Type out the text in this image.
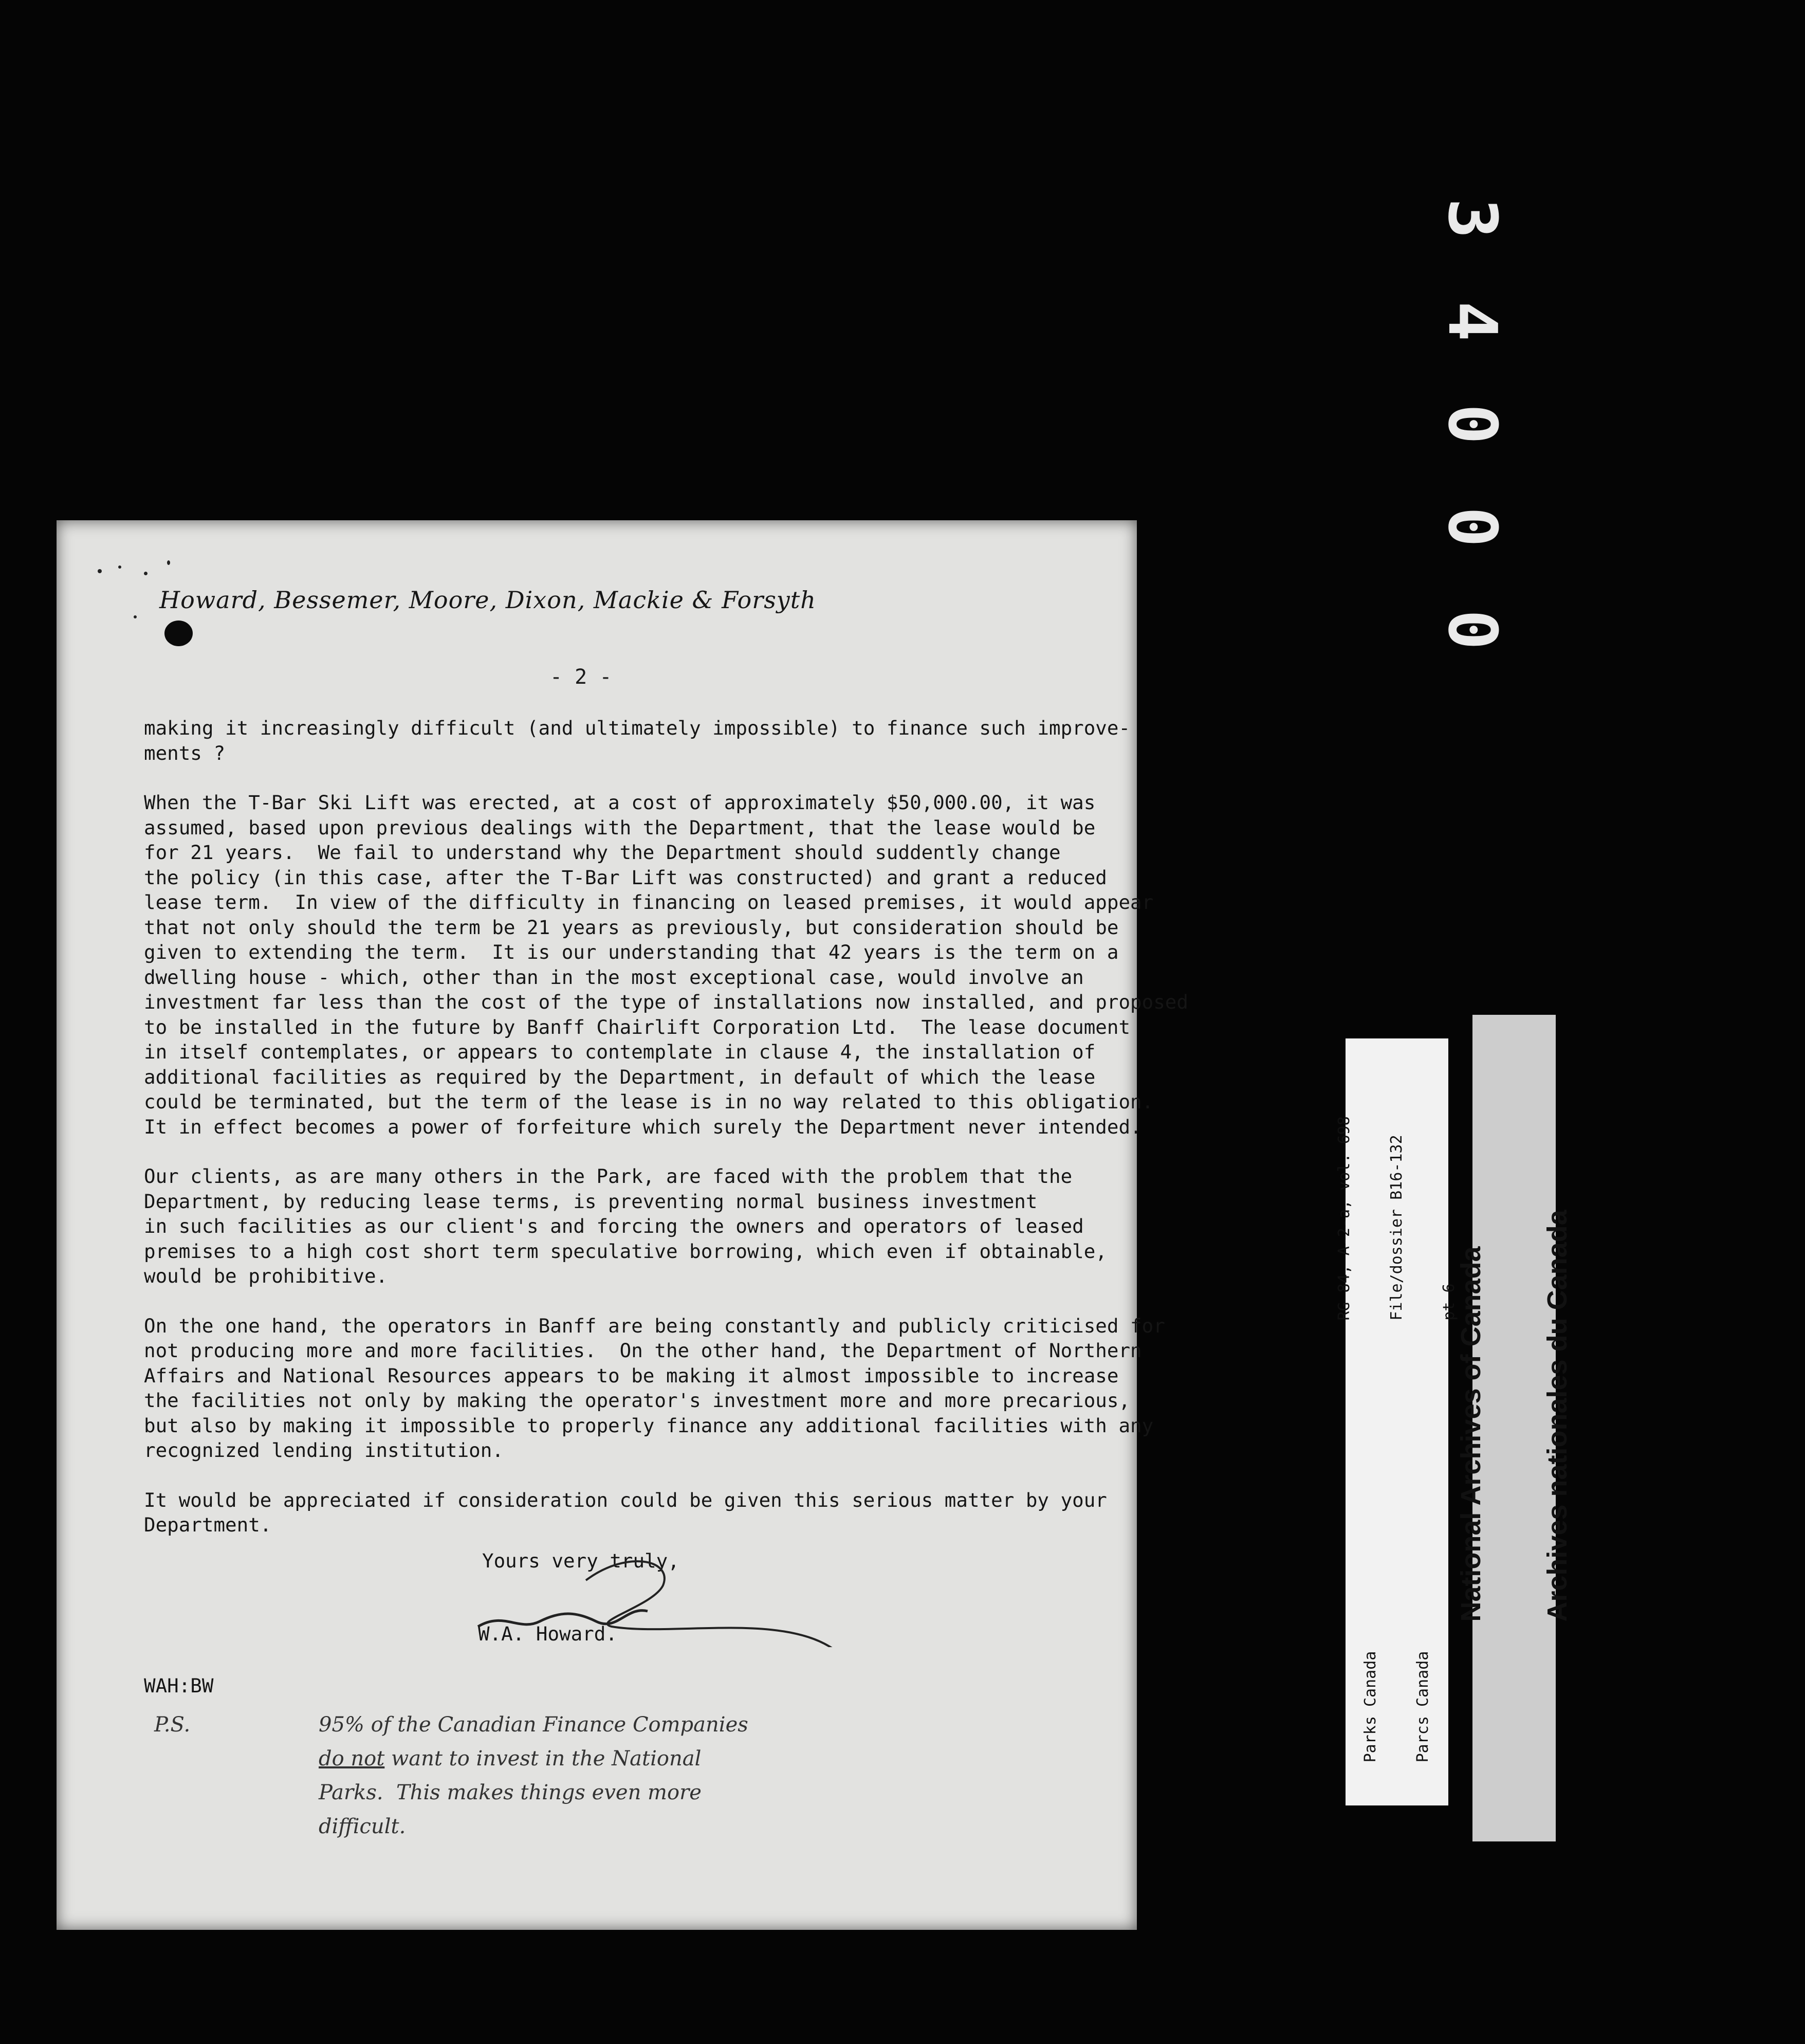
3
4
0
0
0
Howard, Bessemer, Moore, Dixon, Mackie & Forsyth
- 2 -
making it increasingly difficult (and ultimately impossible) to finance such improve-
ments ?
When the T-Bar Ski Lift was erected, at a cost of approximately $50,000.00, it was
assumed, based upon previous dealings with the Department, that the lease would be
for 21 years.  We fail to understand why the Department should suddently change
the policy (in this case, after the T-Bar Lift was constructed) and grant a reduced
lease term.  In view of the difficulty in financing on leased premises, it would appear
that not only should the term be 21 years as previously, but consideration should be
given to extending the term.  It is our understanding that 42 years is the term on a
dwelling house - which, other than in the most exceptional case, would involve an
investment far less than the cost of the type of installations now installed, and proposed
to be installed in the future by Banff Chairlift Corporation Ltd.  The lease document
in itself contemplates, or appears to contemplate in clause 4, the installation of
additional facilities as required by the Department, in default of which the lease
could be terminated, but the term of the lease is in no way related to this obligation.
It in effect becomes a power of forfeiture which surely the Department never intended.
Our clients, as are many others in the Park, are faced with the problem that the
Department, by reducing lease terms, is preventing normal business investment
in such facilities as our client's and forcing the owners and operators of leased
premises to a high cost short term speculative borrowing, which even if obtainable,
would be prohibitive.
On the one hand, the operators in Banff are being constantly and publicly criticised for
not producing more and more facilities.  On the other hand, the Department of Northern
Affairs and National Resources appears to be making it almost impossible to increase
the facilities not only by making the operator's investment more and more precarious,
but also by making it impossible to properly finance any additional facilities with any
recognized lending institution.
It would be appreciated if consideration could be given this serious matter by your
Department.
Yours very truly,
W.A. Howard.
WAH:BW
P.S.	95% of the Canadian Finance Companies
do not want to invest in the National
Parks.  This makes things even more
difficult.

RG 84, A-2-a, vol. 698

File/dossier B16-132

pt 6

Parks Canada

Parcs Canada

National Archives of Canada

Archives nationales du Canada
